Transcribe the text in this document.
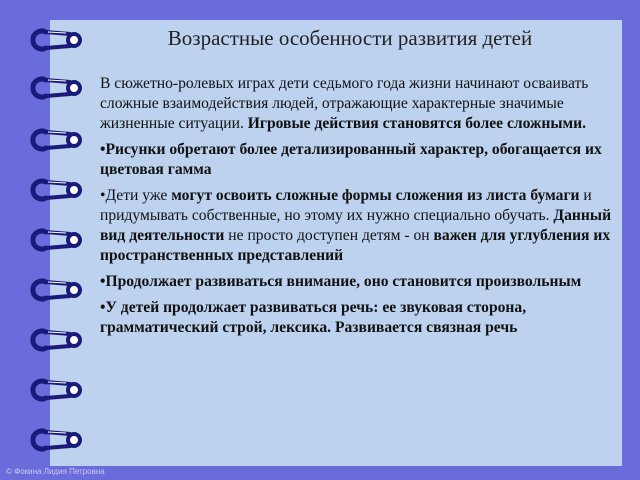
Возрастные особенности развития детей

В сюжетно-ролевых играх дети седьмого года жизни начинают осваивать сложные взаимодействия людей, отражающие характерные значимые жизненные ситуации. Игровые действия становятся более сложными.

•Рисунки обретают более детализированный характер, обогащается их цветовая гамма

•Дети уже могут освоить сложные формы сложения из листа бумаги и придумывать собственные, но этому их нужно специально обучать. Данный вид деятельности не просто доступен детям - он важен для углубления их пространственных представлений

•Продолжает развиваться внимание, оно становится произвольным

•У детей продолжает развиваться речь: ее звуковая сторона, грамматический строй, лексика. Развивается связная речь

© Фокина Лидия Петровна
